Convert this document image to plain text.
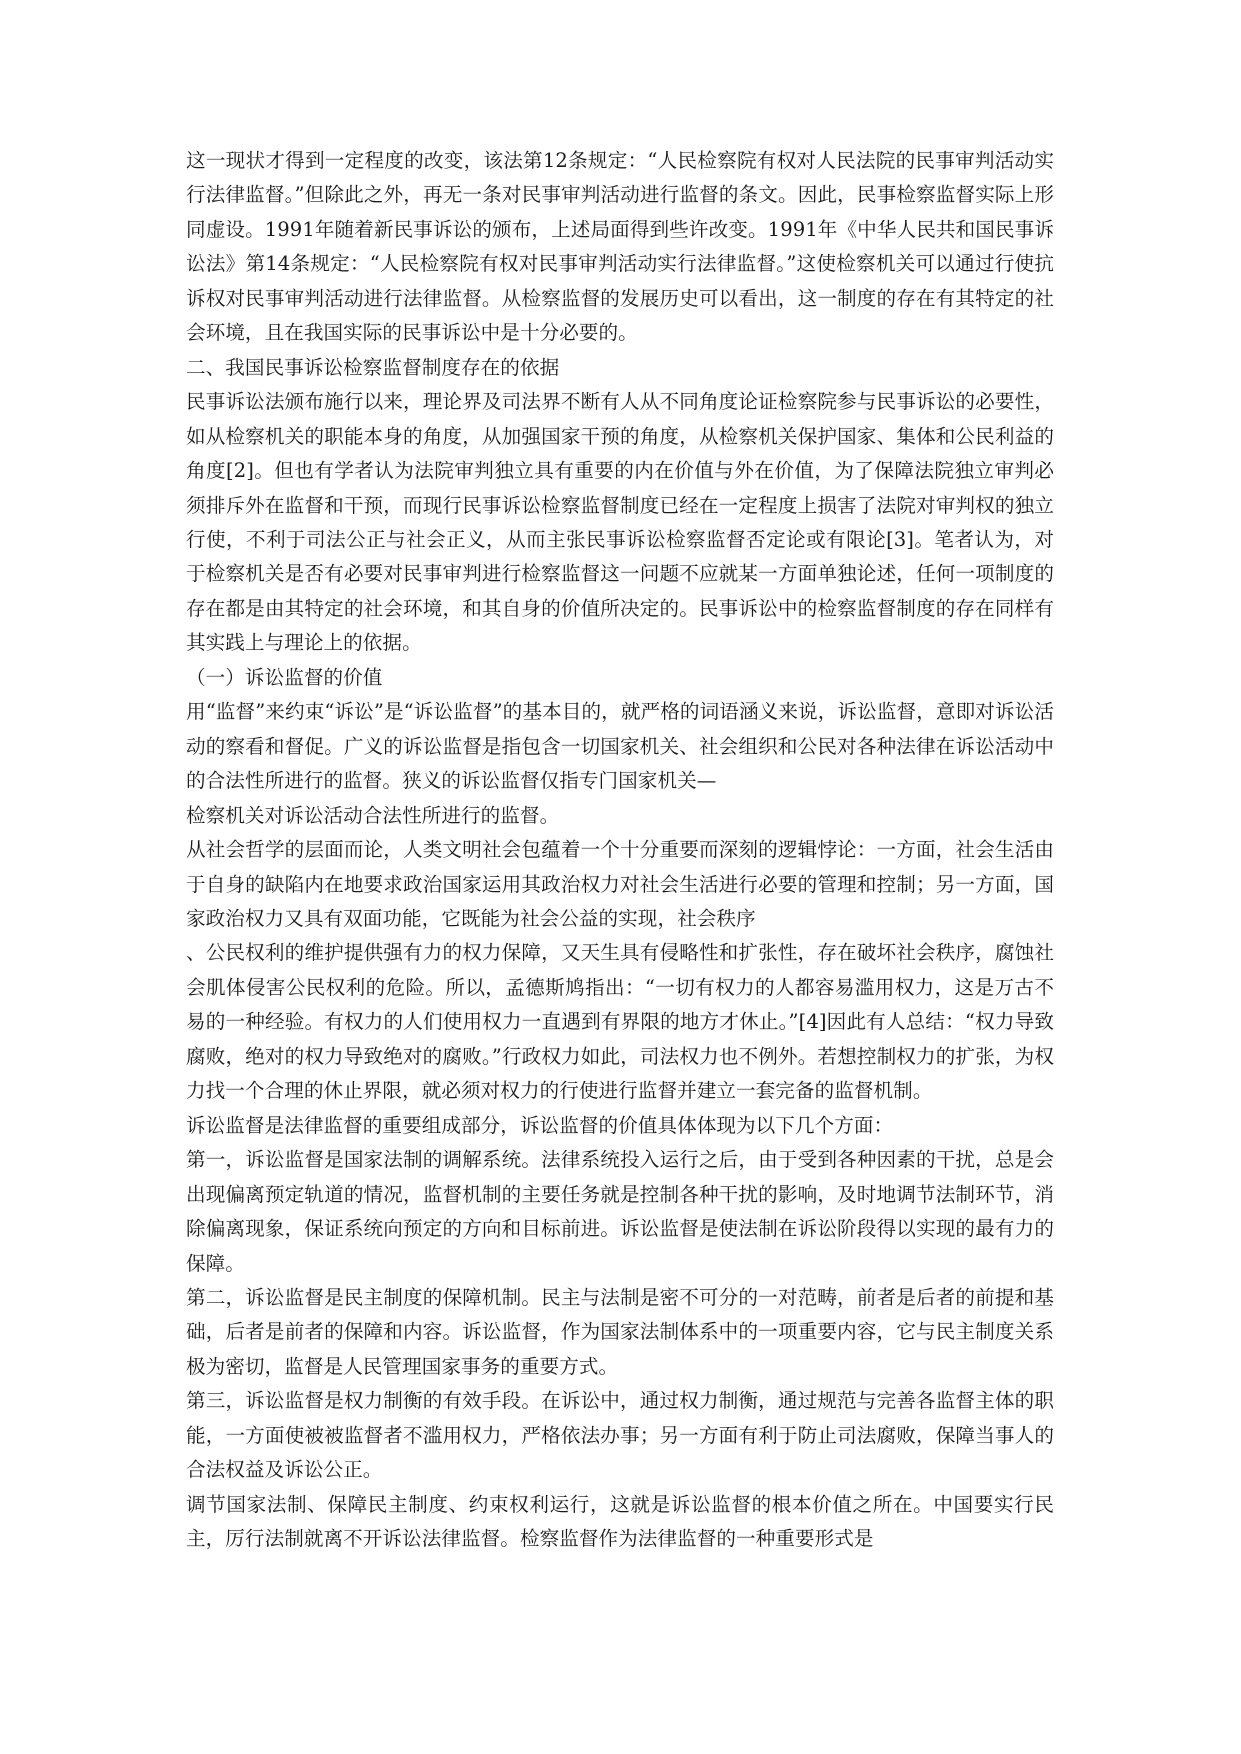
这一现状才得到一定程度的改变，该法第12条规定：“人民检察院有权对人民法院的民事审判活动实行法律监督。”但除此之外，再无一条对民事审判活动进行监督的条文。因此，民事检察监督实际上形同虚设。1991年随着新民事诉讼的颁布，上述局面得到些许改变。1991年《中华人民共和国民事诉讼法》第14条规定：“人民检察院有权对民事审判活动实行法律监督。”这使检察机关可以通过行使抗诉权对民事审判活动进行法律监督。从检察监督的发展历史可以看出，这一制度的存在有其特定的社会环境，且在我国实际的民事诉讼中是十分必要的。

二、我国民事诉讼检察监督制度存在的依据

民事诉讼法颁布施行以来，理论界及司法界不断有人从不同角度论证检察院参与民事诉讼的必要性，如从检察机关的职能本身的角度，从加强国家干预的角度，从检察机关保护国家、集体和公民利益的角度[2]。但也有学者认为法院审判独立具有重要的内在价值与外在价值，为了保障法院独立审判必须排斥外在监督和干预，而现行民事诉讼检察监督制度已经在一定程度上损害了法院对审判权的独立行使，不利于司法公正与社会正义，从而主张民事诉讼检察监督否定论或有限论[3]。笔者认为，对于检察机关是否有必要对民事审判进行检察监督这一问题不应就某一方面单独论述，任何一项制度的存在都是由其特定的社会环境，和其自身的价值所决定的。民事诉讼中的检察监督制度的存在同样有其实践上与理论上的依据。

（一）诉讼监督的价值

用“监督”来约束“诉讼”是“诉讼监督”的基本目的，就严格的词语涵义来说，诉讼监督，意即对诉讼活动的察看和督促。广义的诉讼监督是指包含一切国家机关、社会组织和公民对各种法律在诉讼活动中的合法性所进行的监督。狭义的诉讼监督仅指专门国家机关—

检察机关对诉讼活动合法性所进行的监督。

从社会哲学的层面而论，人类文明社会包蕴着一个十分重要而深刻的逻辑悖论：一方面，社会生活由于自身的缺陷内在地要求政治国家运用其政治权力对社会生活进行必要的管理和控制；另一方面，国家政治权力又具有双面功能，它既能为社会公益的实现，社会秩序

、公民权利的维护提供强有力的权力保障，又天生具有侵略性和扩张性，存在破坏社会秩序，腐蚀社会肌体侵害公民权利的危险。所以，孟德斯鸠指出：“一切有权力的人都容易滥用权力，这是万古不易的一种经验。有权力的人们使用权力一直遇到有界限的地方才休止。”[4]因此有人总结：“权力导致腐败，绝对的权力导致绝对的腐败。”行政权力如此，司法权力也不例外。若想控制权力的扩张，为权力找一个合理的休止界限，就必须对权力的行使进行监督并建立一套完备的监督机制。

诉讼监督是法律监督的重要组成部分，诉讼监督的价值具体体现为以下几个方面：

第一，诉讼监督是国家法制的调解系统。法律系统投入运行之后，由于受到各种因素的干扰，总是会出现偏离预定轨道的情况，监督机制的主要任务就是控制各种干扰的影响，及时地调节法制环节，消除偏离现象，保证系统向预定的方向和目标前进。诉讼监督是使法制在诉讼阶段得以实现的最有力的保障。

第二，诉讼监督是民主制度的保障机制。民主与法制是密不可分的一对范畴，前者是后者的前提和基础，后者是前者的保障和内容。诉讼监督，作为国家法制体系中的一项重要内容，它与民主制度关系极为密切，监督是人民管理国家事务的重要方式。

第三，诉讼监督是权力制衡的有效手段。在诉讼中，通过权力制衡，通过规范与完善各监督主体的职能，一方面使被被监督者不滥用权力，严格依法办事；另一方面有利于防止司法腐败，保障当事人的合法权益及诉讼公正。

调节国家法制、保障民主制度、约束权利运行，这就是诉讼监督的根本价值之所在。中国要实行民主，厉行法制就离不开诉讼法律监督。检察监督作为法律监督的一种重要形式是
